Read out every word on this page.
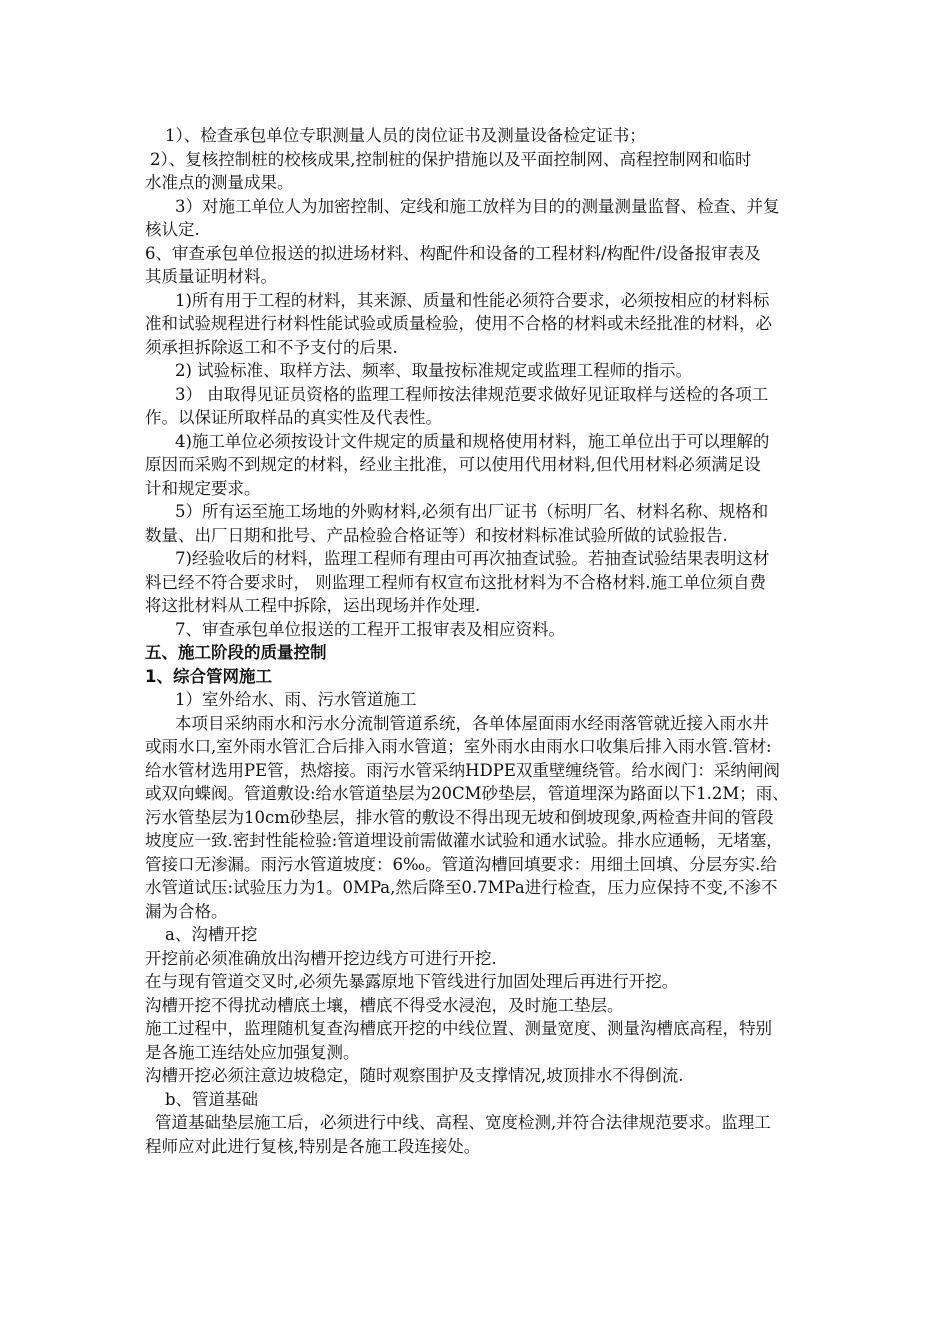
1）、检查承包单位专职测量人员的岗位证书及测量设备检定证书；
2）、复核控制桩的校核成果,控制桩的保护措施以及平面控制网、高程控制网和临时
水准点的测量成果。
3）对施工单位人为加密控制、定线和施工放样为目的的测量测量监督、检查、并复
核认定.
6、审查承包单位报送的拟进场材料、构配件和设备的工程材料/构配件/设备报审表及
其质量证明材料。
1)所有用于工程的材料，其来源、质量和性能必须符合要求，必须按相应的材料标
准和试验规程进行材料性能试验或质量检验，使用不合格的材料或未经批准的材料，必
须承担拆除返工和不予支付的后果.
2) 试验标准、取样方法、频率、取量按标准规定或监理工程师的指示。
3） 由取得见证员资格的监理工程师按法律规范要求做好见证取样与送检的各项工
作。以保证所取样品的真实性及代表性。
4)施工单位必须按设计文件规定的质量和规格使用材料，施工单位出于可以理解的
原因而采购不到规定的材料，经业主批准，可以使用代用材料,但代用材料必须满足设
计和规定要求。
5）所有运至施工场地的外购材料,必须有出厂证书（标明厂名、材料名称、规格和
数量、出厂日期和批号、产品检验合格证等）和按材料标准试验所做的试验报告.
7)经验收后的材料，监理工程师有理由可再次抽查试验。若抽查试验结果表明这材
料已经不符合要求时， 则监理工程师有权宣布这批材料为不合格材料.施工单位须自费
将这批材料从工程中拆除，运出现场并作处理.
7、审查承包单位报送的工程开工报审表及相应资料。
五、施工阶段的质量控制
1、综合管网施工
1）室外给水、雨、污水管道施工
本项目采纳雨水和污水分流制管道系统，各单体屋面雨水经雨落管就近接入雨水井
或雨水口,室外雨水管汇合后排入雨水管道；室外雨水由雨水口收集后排入雨水管.管材:
给水管材选用PE管，热熔接。雨污水管采纳HDPE双重壁缠绕管。给水阀门：采纳闸阀
或双向蝶阀。管道敷设:给水管道垫层为20CM砂垫层，管道埋深为路面以下1.2M；雨、
污水管垫层为10cm砂垫层，排水管的敷设不得出现无坡和倒坡现象,两检查井间的管段
坡度应一致.密封性能检验:管道埋设前需做灌水试验和通水试验。排水应通畅，无堵塞，
管接口无渗漏。雨污水管道坡度：6‰。管道沟槽回填要求：用细土回填、分层夯实.给
水管道试压:试验压力为1。0MPa,然后降至0.7MPa进行检查，压力应保持不变,不渗不
漏为合格。
a、沟槽开挖
开挖前必须准确放出沟槽开挖边线方可进行开挖.
在与现有管道交叉时,必须先暴露原地下管线进行加固处理后再进行开挖。
沟槽开挖不得扰动槽底土壤，槽底不得受水浸泡，及时施工垫层。
施工过程中，监理随机复查沟槽底开挖的中线位置、测量宽度、测量沟槽底高程，特别
是各施工连结处应加强复测。
沟槽开挖必须注意边坡稳定，随时观察围护及支撑情况,坡顶排水不得倒流.
b、管道基础
管道基础垫层施工后，必须进行中线、高程、宽度检测,并符合法律规范要求。监理工
程师应对此进行复核,特别是各施工段连接处。
